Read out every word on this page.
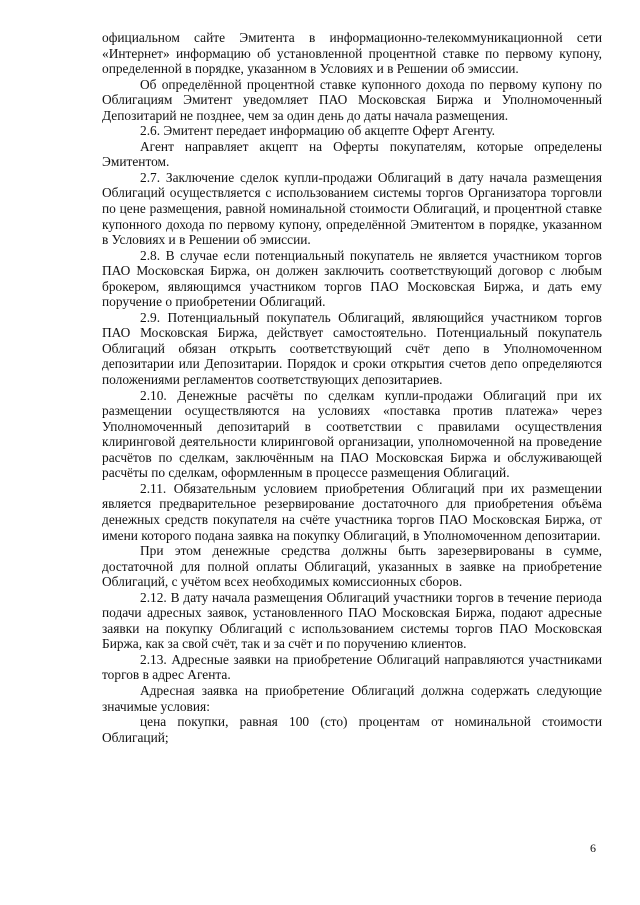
официальном сайте Эмитента в информационно-телекоммуникационной сети «Интернет» информацию об установленной процентной ставке по первому купону, определенной в порядке, указанном в Условиях и в Решении об эмиссии.

Об определённой процентной ставке купонного дохода по первому купону по Облигациям Эмитент уведомляет ПАО Московская Биржа и Уполномоченный Депозитарий не позднее, чем за один день до даты начала размещения.

2.6. Эмитент передает информацию об акцепте Оферт Агенту.

Агент направляет акцепт на Оферты покупателям, которые определены Эмитентом.

2.7. Заключение сделок купли-продажи Облигаций в дату начала размещения Облигаций осуществляется с использованием системы торгов Организатора торговли по цене размещения, равной номинальной стоимости Облигаций, и процентной ставке купонного дохода по первому купону, определённой Эмитентом в порядке, указанном в Условиях и в Решении об эмиссии.

2.8. В случае если потенциальный покупатель не является участником торгов ПАО Московская Биржа, он должен заключить соответствующий договор с любым брокером, являющимся участником торгов ПАО Московская Биржа, и дать ему поручение о приобретении Облигаций.

2.9. Потенциальный покупатель Облигаций, являющийся участником торгов ПАО Московская Биржа, действует самостоятельно. Потенциальный покупатель Облигаций обязан открыть соответствующий счёт депо в Уполномоченном депозитарии или Депозитарии. Порядок и сроки открытия счетов депо определяются положениями регламентов соответствующих депозитариев.

2.10. Денежные расчёты по сделкам купли-продажи Облигаций при их размещении осуществляются на условиях «поставка против платежа» через Уполномоченный депозитарий в соответствии с правилами осуществления клиринговой деятельности клиринговой организации, уполномоченной на проведение расчётов по сделкам, заключённым на ПАО Московская Биржа и обслуживающей расчёты по сделкам, оформленным в процессе размещения Облигаций.

2.11. Обязательным условием приобретения Облигаций при их размещении является предварительное резервирование достаточного для приобретения объёма денежных средств покупателя на счёте участника торгов ПАО Московская Биржа, от имени которого подана заявка на покупку Облигаций, в Уполномоченном депозитарии.

При этом денежные средства должны быть зарезервированы в сумме, достаточной для полной оплаты Облигаций, указанных в заявке на приобретение Облигаций, с учётом всех необходимых комиссионных сборов.

2.12. В дату начала размещения Облигаций участники торгов в течение периода подачи адресных заявок, установленного ПАО Московская Биржа, подают адресные заявки на покупку Облигаций с использованием системы торгов ПАО Московская Биржа, как за свой счёт, так и за счёт и по поручению клиентов.

2.13. Адресные заявки на приобретение Облигаций направляются участниками торгов в адрес Агента.

Адресная заявка на приобретение Облигаций должна содержать следующие значимые условия:

цена покупки, равная 100 (сто) процентам от номинальной стоимости Облигаций;

6
